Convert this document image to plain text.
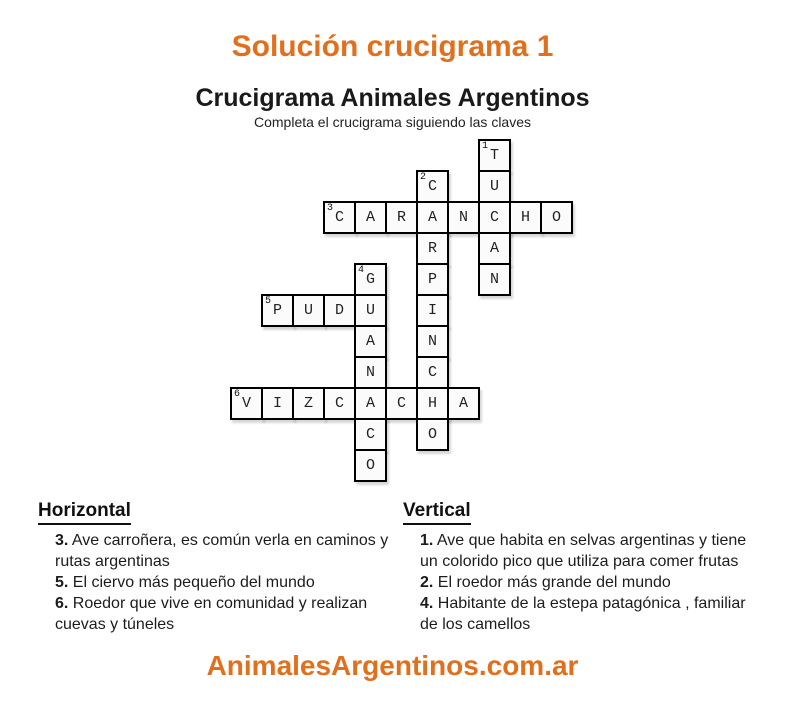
Solución crucigrama 1
Crucigrama Animales Argentinos
Completa el crucigrama siguiendo las claves
1
T
2
C	U
3
C A R A N C H O
R	A
4
G	P	N
5
P U D U	I
A	N
N	C
6
V I Z C A C H A
C	O
O
Horizontal

3. Ave carroñera, es común verla en caminos y rutas argentinas

5. El ciervo más pequeño del mundo

6. Roedor que vive en comunidad y realizan cuevas y túneles

Vertical

1. Ave que habita en selvas argentinas y tiene un colorido pico que utiliza para comer frutas

2. El roedor más grande del mundo

4. Habitante de la estepa patagónica , familiar de los camellos

AnimalesArgentinos.com.ar
